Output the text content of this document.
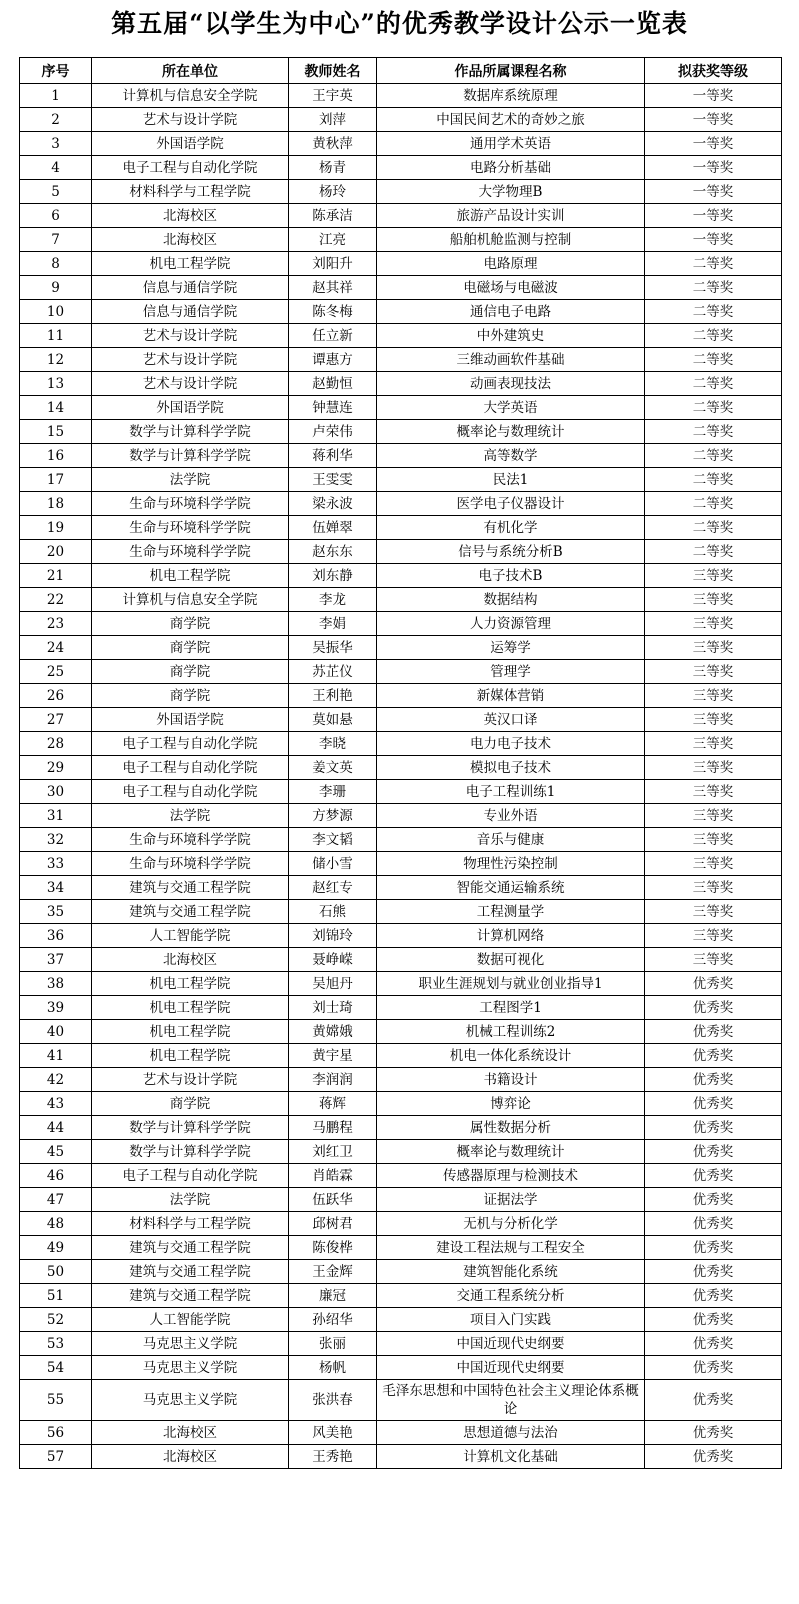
第五届“以学生为中心”的优秀教学设计公示一览表
序号	所在单位	教师姓名	作品所属课程名称	拟获奖等级
1	计算机与信息安全学院	王宇英	数据库系统原理	一等奖
2	艺术与设计学院	刘萍	中国民间艺术的奇妙之旅	一等奖
3	外国语学院	黄秋萍	通用学术英语	一等奖
4	电子工程与自动化学院	杨青	电路分析基础	一等奖
5	材料科学与工程学院	杨玲	大学物理B	一等奖
6	北海校区	陈承洁	旅游产品设计实训	一等奖
7	北海校区	江亮	船舶机舱监测与控制	一等奖
8	机电工程学院	刘阳升	电路原理	二等奖
9	信息与通信学院	赵其祥	电磁场与电磁波	二等奖
10	信息与通信学院	陈冬梅	通信电子电路	二等奖
11	艺术与设计学院	任立新	中外建筑史	二等奖
12	艺术与设计学院	谭惠方	三维动画软件基础	二等奖
13	艺术与设计学院	赵勤恒	动画表现技法	二等奖
14	外国语学院	钟慧连	大学英语	二等奖
15	数学与计算科学学院	卢荣伟	概率论与数理统计	二等奖
16	数学与计算科学学院	蒋利华	高等数学	二等奖
17	法学院	王雯雯	民法1	二等奖
18	生命与环境科学学院	梁永波	医学电子仪器设计	二等奖
19	生命与环境科学学院	伍婵翠	有机化学	二等奖
20	生命与环境科学学院	赵东东	信号与系统分析B	二等奖
21	机电工程学院	刘东静	电子技术B	三等奖
22	计算机与信息安全学院	李龙	数据结构	三等奖
23	商学院	李娟	人力资源管理	三等奖
24	商学院	吴振华	运筹学	三等奖
25	商学院	苏芷仪	管理学	三等奖
26	商学院	王利艳	新媒体营销	三等奖
27	外国语学院	莫如悬	英汉口译	三等奖
28	电子工程与自动化学院	李晓	电力电子技术	三等奖
29	电子工程与自动化学院	姜文英	模拟电子技术	三等奖
30	电子工程与自动化学院	李珊	电子工程训练1	三等奖
31	法学院	方梦源	专业外语	三等奖
32	生命与环境科学学院	李文韬	音乐与健康	三等奖
33	生命与环境科学学院	储小雪	物理性污染控制	三等奖
34	建筑与交通工程学院	赵红专	智能交通运输系统	三等奖
35	建筑与交通工程学院	石熊	工程测量学	三等奖
36	人工智能学院	刘锦玲	计算机网络	三等奖
37	北海校区	聂峥嵘	数据可视化	三等奖
38	机电工程学院	吴旭丹	职业生涯规划与就业创业指导1	优秀奖
39	机电工程学院	刘士琦	工程图学1	优秀奖
40	机电工程学院	黄嫦娥	机械工程训练2	优秀奖
41	机电工程学院	黄宇星	机电一体化系统设计	优秀奖
42	艺术与设计学院	李润润	书籍设计	优秀奖
43	商学院	蒋辉	博弈论	优秀奖
44	数学与计算科学学院	马鹏程	属性数据分析	优秀奖
45	数学与计算科学学院	刘红卫	概率论与数理统计	优秀奖
46	电子工程与自动化学院	肖皓霖	传感器原理与检测技术	优秀奖
47	法学院	伍跃华	证据法学	优秀奖
48	材料科学与工程学院	邱树君	无机与分析化学	优秀奖
49	建筑与交通工程学院	陈俊桦	建设工程法规与工程安全	优秀奖
50	建筑与交通工程学院	王金辉	建筑智能化系统	优秀奖
51	建筑与交通工程学院	廉冠	交通工程系统分析	优秀奖
52	人工智能学院	孙绍华	项目入门实践	优秀奖
53	马克思主义学院	张丽	中国近现代史纲要	优秀奖
54	马克思主义学院	杨帆	中国近现代史纲要	优秀奖
55	马克思主义学院	张洪春	毛泽东思想和中国特色社会主义理论体系概论	优秀奖
56	北海校区	风美艳	思想道德与法治	优秀奖
57	北海校区	王秀艳	计算机文化基础	优秀奖
